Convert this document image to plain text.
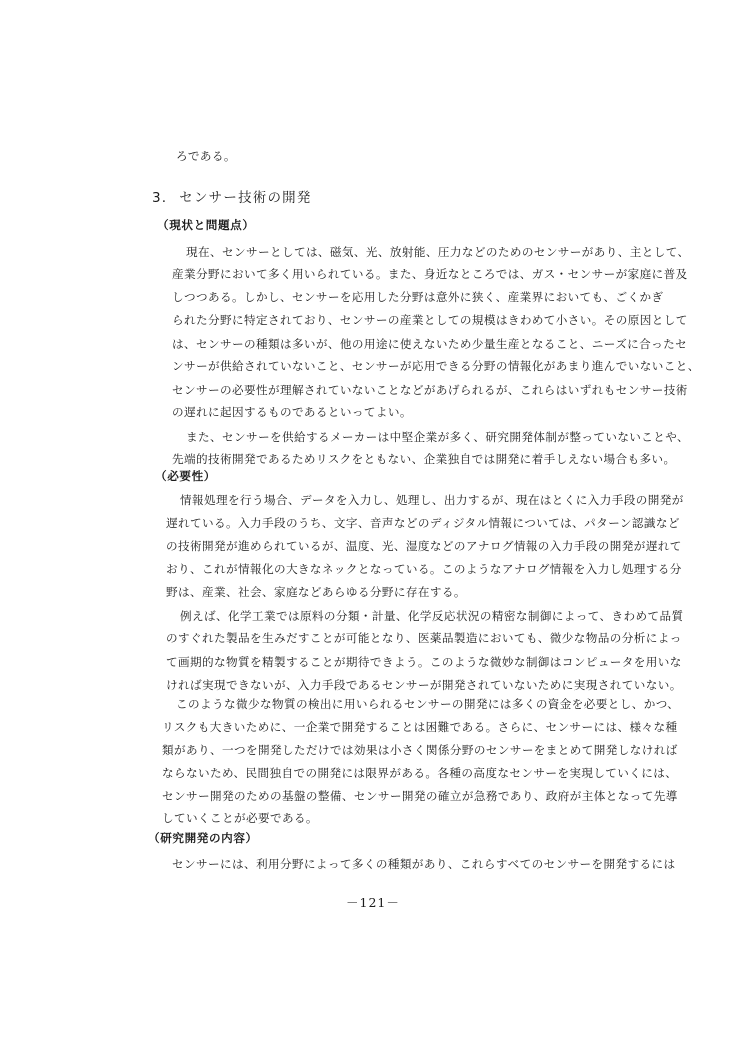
ろである。
3. センサー技術の開発
（現状と問題点）
現在、センサーとしては、磁気、光、放射能、圧力などのためのセンサーがあり、主として、
産業分野において多く用いられている。また、身近なところでは、ガス・センサーが家庭に普及
しつつある。しかし、センサーを応用した分野は意外に狭く、産業界においても、ごくかぎ
られた分野に特定されており、センサーの産業としての規模はきわめて小さい。その原因として
は、センサーの種類は多いが、他の用途に使えないため少量生産となること、ニーズに合ったセ
ンサーが供給されていないこと、センサーが応用できる分野の情報化があまり進んでいないこと、
センサーの必要性が理解されていないことなどがあげられるが、これらはいずれもセンサー技術
の遅れに起因するものであるといってよい。
また、センサーを供給するメーカーは中堅企業が多く、研究開発体制が整っていないことや、
先端的技術開発であるためリスクをともない、企業独自では開発に着手しえない場合も多い。
（必要性）
情報処理を行う場合、データを入力し、処理し、出力するが、現在はとくに入力手段の開発が
遅れている。入力手段のうち、文字、音声などのディジタル情報については、パターン認識など
の技術開発が進められているが、温度、光、湿度などのアナログ情報の入力手段の開発が遅れて
おり、これが情報化の大きなネックとなっている。このようなアナログ情報を入力し処理する分
野は、産業、社会、家庭などあらゆる分野に存在する。
例えば、化学工業では原料の分類・計量、化学反応状況の精密な制御によって、きわめて品質
のすぐれた製品を生みだすことが可能となり、医薬品製造においても、微少な物品の分析によっ
て画期的な物質を精製することが期待できよう。このような微妙な制御はコンピュータを用いな
ければ実現できないが、入力手段であるセンサーが開発されていないために実現されていない。
このような微少な物質の検出に用いられるセンサーの開発には多くの資金を必要とし、かつ、
リスクも大きいために、一企業で開発することは困難である。さらに、センサーには、様々な種
類があり、一つを開発しただけでは効果は小さく関係分野のセンサーをまとめて開発しなければ
ならないため、民間独自での開発には限界がある。各種の高度なセンサーを実現していくには、
センサー開発のための基盤の整備、センサー開発の確立が急務であり、政府が主体となって先導
していくことが必要である。
（研究開発の内容）
センサーには、利用分野によって多くの種類があり、これらすべてのセンサーを開発するには
－121－
